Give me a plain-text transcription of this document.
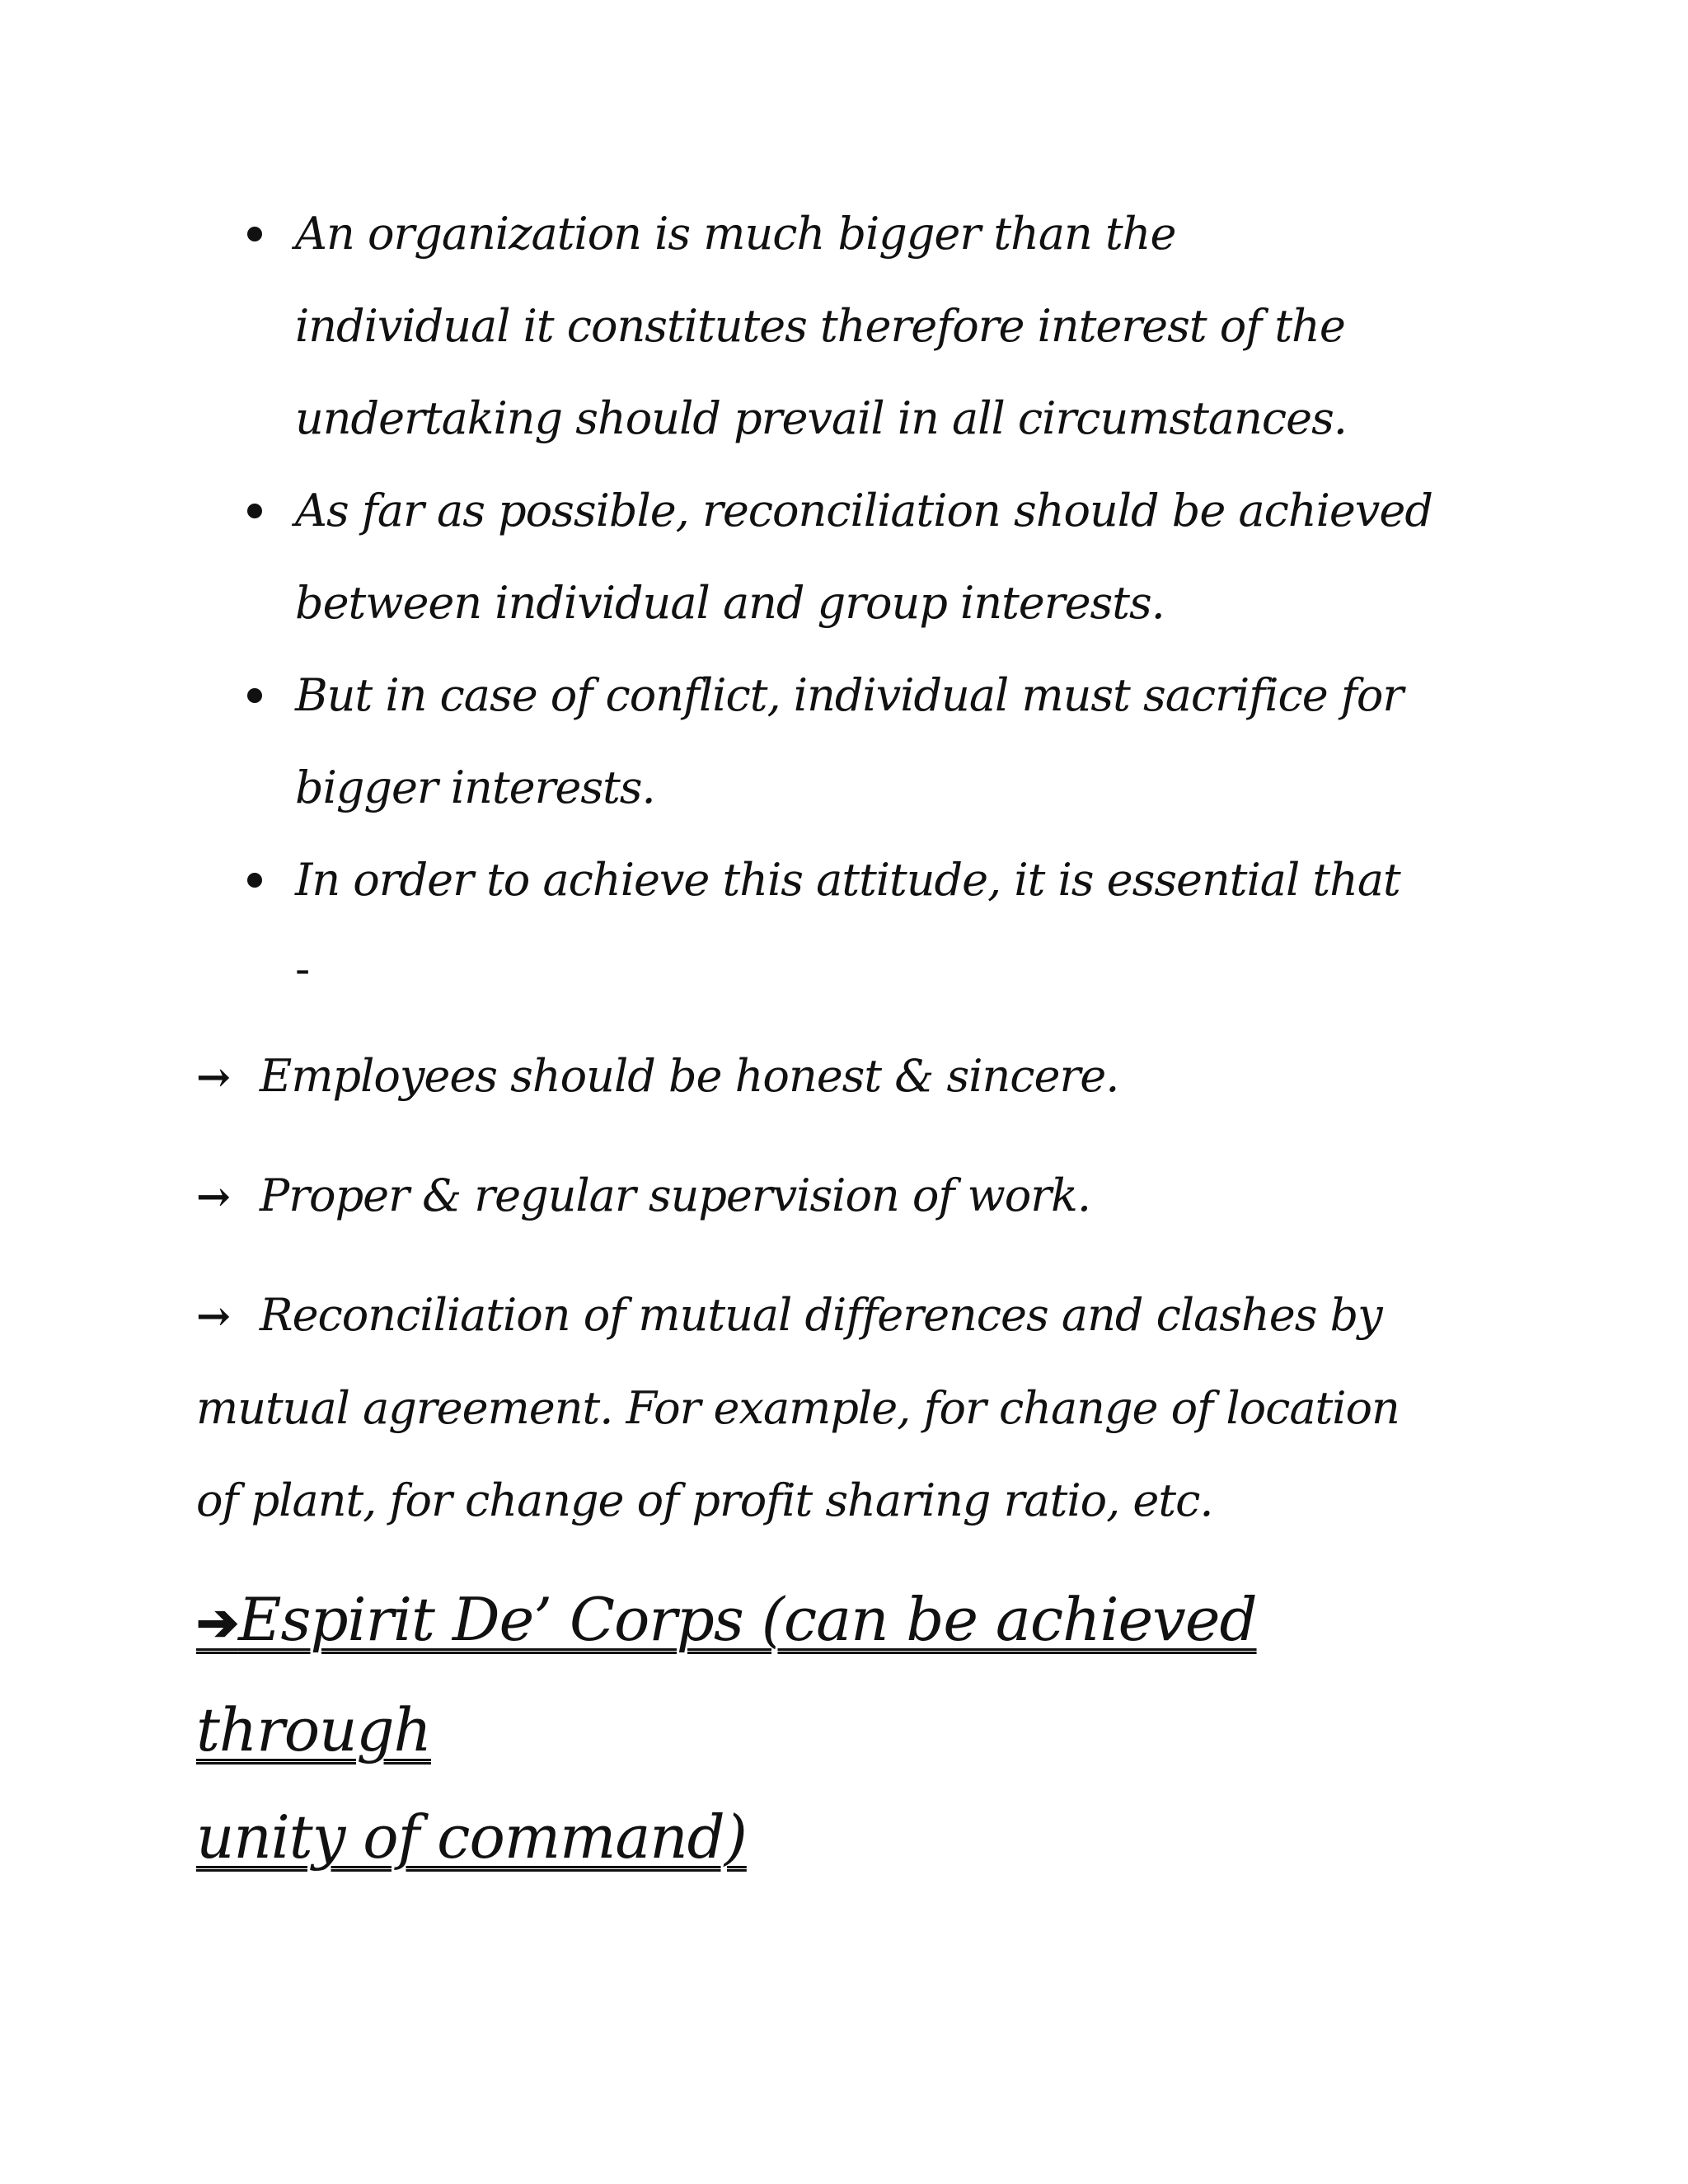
An organization is much bigger than the
individual it constitutes therefore interest of the
undertaking should prevail in all circumstances.
As far as possible, reconciliation should be achieved
between individual and group interests.
But in case of conflict, individual must sacrifice for
bigger interests.
In order to achieve this attitude, it is essential that
-
→ Employees should be honest & sincere.
→ Proper & regular supervision of work.
→ Reconciliation of mutual differences and clashes by
mutual agreement. For example, for change of location
of plant, for change of profit sharing ratio, etc.
➔Espirit De’ Corps (can be achieved through
unity of command)
